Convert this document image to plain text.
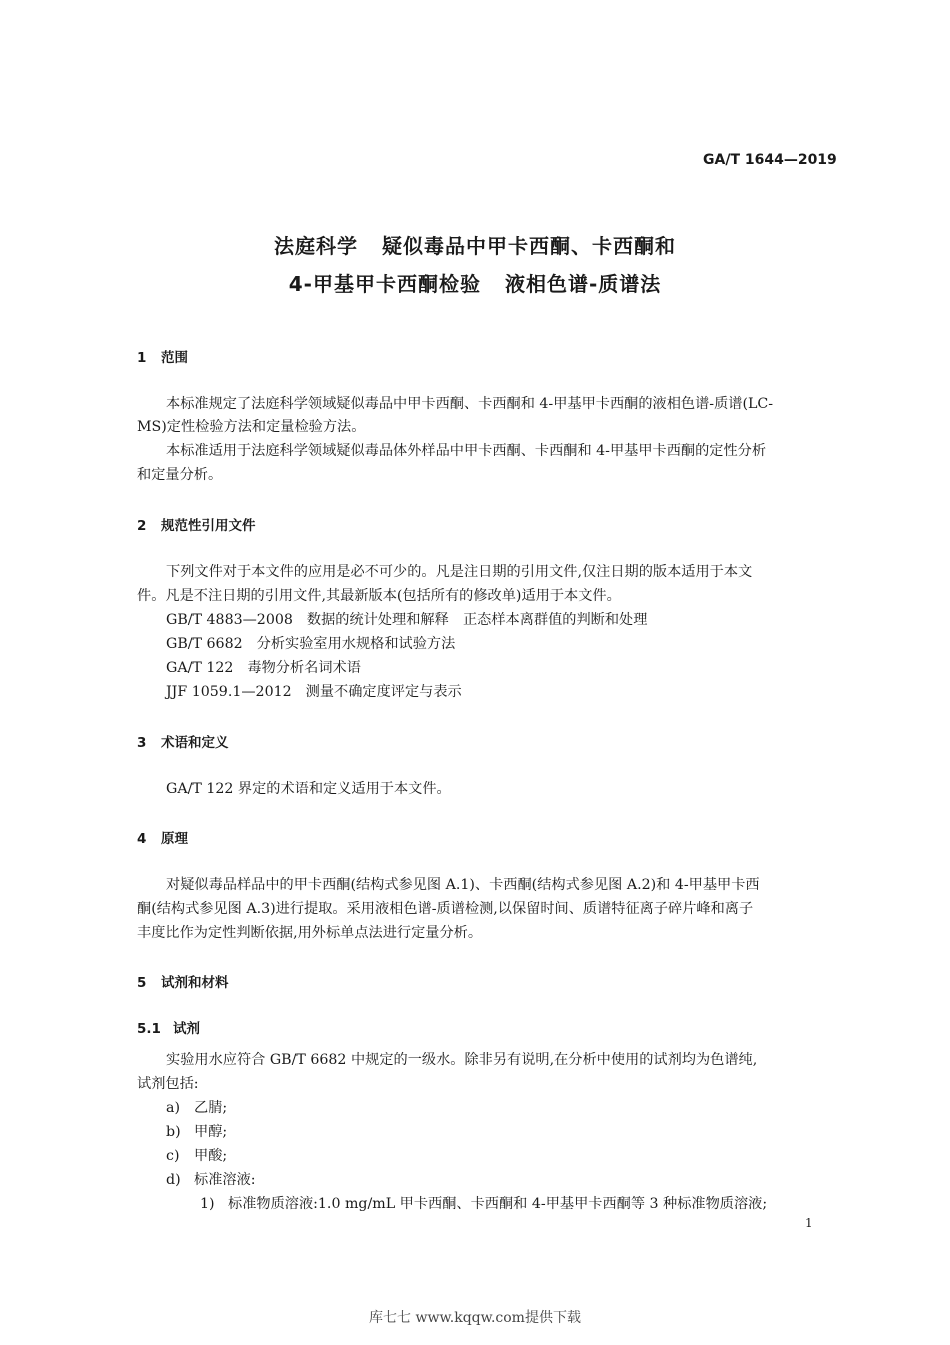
GA/T 1644—2019
法庭科学 疑似毒品中甲卡西酮、卡西酮和
4-甲基甲卡西酮检验 液相色谱-质谱法
1 范围
本标准规定了法庭科学领域疑似毒品中甲卡西酮、卡西酮和 4-甲基甲卡西酮的液相色谱-质谱(LC-
MS)定性检验方法和定量检验方法。
本标准适用于法庭科学领域疑似毒品体外样品中甲卡西酮、卡西酮和 4-甲基甲卡西酮的定性分析
和定量分析。
2 规范性引用文件
下列文件对于本文件的应用是必不可少的。凡是注日期的引用文件,仅注日期的版本适用于本文
件。凡是不注日期的引用文件,其最新版本(包括所有的修改单)适用于本文件。
GB/T 4883—2008 数据的统计处理和解释　正态样本离群值的判断和处理
GB/T 6682 分析实验室用水规格和试验方法
GA/T 122 毒物分析名词术语
JJF 1059.1—2012 测量不确定度评定与表示
3 术语和定义
GA/T 122 界定的术语和定义适用于本文件。
4 原理
对疑似毒品样品中的甲卡西酮(结构式参见图 A.1)、卡西酮(结构式参见图 A.2)和 4-甲基甲卡西
酮(结构式参见图 A.3)进行提取。采用液相色谱-质谱检测,以保留时间、质谱特征离子碎片峰和离子
丰度比作为定性判断依据,用外标单点法进行定量分析。
5 试剂和材料
5.1 试剂
实验用水应符合 GB/T 6682 中规定的一级水。除非另有说明,在分析中使用的试剂均为色谱纯,
试剂包括:
a) 乙腈;
b) 甲醇;
c) 甲酸;
d) 标准溶液:
1) 标准物质溶液:1.0 mg/mL 甲卡西酮、卡西酮和 4-甲基甲卡西酮等 3 种标准物质溶液;
1
库七七 www.kqqw.com提供下载
